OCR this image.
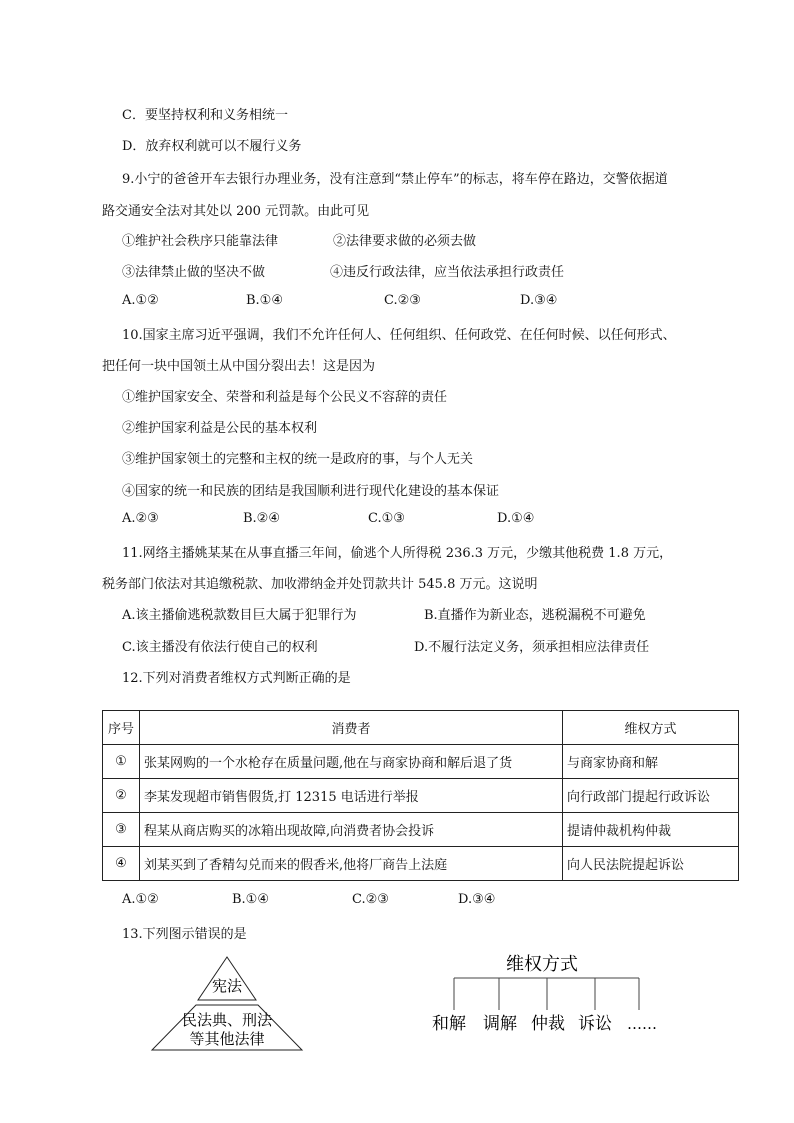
C．要坚持权利和义务相统一
D．放弃权利就可以不履行义务
9.小宁的爸爸开车去银行办理业务，没有注意到“禁止停车”的标志，将车停在路边，交警依据道
路交通安全法对其处以 200 元罚款。由此可见
①维护社会秩序只能靠法律	②法律要求做的必须去做
③法律禁止做的坚决不做	④违反行政法律，应当依法承担行政责任
A.①②	B.①④	C.②③	D.③④
10.国家主席习近平强调，我们不允许任何人、任何组织、任何政党、在任何时候、以任何形式、
把任何一块中国领土从中国分裂出去！这是因为
①维护国家安全、荣誉和利益是每个公民义不容辞的责任
②维护国家利益是公民的基本权利
③维护国家领土的完整和主权的统一是政府的事，与个人无关
④国家的统一和民族的团结是我国顺利进行现代化建设的基本保证
A.②③	B.②④	C.①③	D.①④
11.网络主播姚某某在从事直播三年间，偷逃个人所得税 236.3 万元，少缴其他税费 1.8 万元，
税务部门依法对其追缴税款、加收滞纳金并处罚款共计 545.8 万元。这说明
A.该主播偷逃税款数目巨大属于犯罪行为	B.直播作为新业态，逃税漏税不可避免
C.该主播没有依法行使自己的权利	D.不履行法定义务，须承担相应法律责任
12.下列对消费者维权方式判断正确的是
序号	消费者	维权方式
①	张某网购的一个水枪存在质量问题,他在与商家协商和解后退了货	与商家协商和解
②	李某发现超市销售假货,打 12315 电话进行举报	向行政部门提起行政诉讼
③	程某从商店购买的冰箱出现故障,向消费者协会投诉	提请仲裁机构仲裁
④	刘某买到了香精勾兑而来的假香米,他将厂商告上法庭	向人民法院提起诉讼
A.①②	B.①④	C.②③	D.③④
13.下列图示错误的是
宪法
民法典、刑法
等其他法律
维权方式
和解 调解 仲裁 诉讼 ……
